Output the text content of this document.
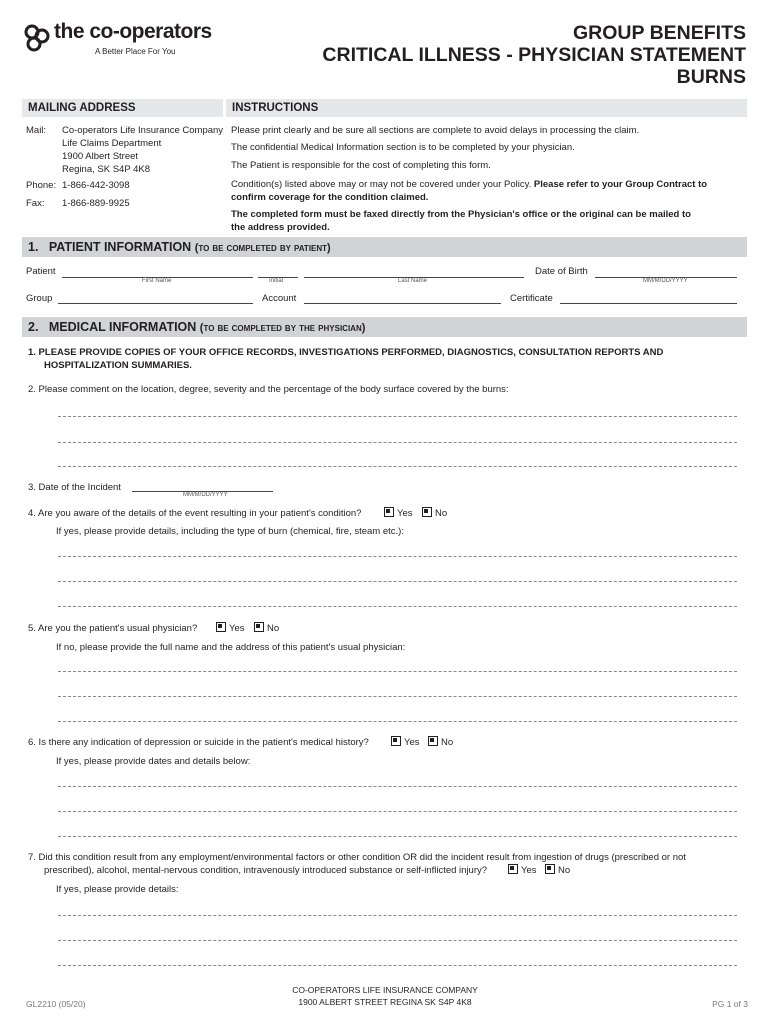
the co-operators
A Better Place For You
GROUP BENEFITS
CRITICAL ILLNESS - PHYSICIAN STATEMENT
BURNS
MAILING ADDRESS	INSTRUCTIONS
Mail: Co-operators Life Insurance Company
Life Claims Department
1900 Albert Street
Regina, SK S4P 4K8
Phone: 1-866-442-3098
Fax: 1-866-889-9925
Please print clearly and be sure all sections are complete to avoid delays in processing the claim.
The confidential Medical Information section is to be completed by your physician.
The Patient is responsible for the cost of completing this form.
Condition(s) listed above may or may not be covered under your Policy. Please refer to your Group Contract to confirm coverage for the condition claimed.
The completed form must be faxed directly from the Physician's office or the original can be mailed to the address provided.
1. PATIENT INFORMATION (to be completed by patient)
Patient
First Name	Initial	Last Name
Date of Birth
MM/M/DD/YYYY
Group	Account	Certificate
2. MEDICAL INFORMATION (to be completed by the physician)
1. PLEASE PROVIDE COPIES OF YOUR OFFICE RECORDS, INVESTIGATIONS PERFORMED, DIAGNOSTICS, CONSULTATION REPORTS AND
HOSPITALIZATION SUMMARIES.
2. Please comment on the location, degree, severity and the percentage of the body surface covered by the burns:
3. Date of the Incident
MM/M/DD/YYYY
4. Are you aware of the details of the event resulting in your patient's condition?	Yes	No
If yes, please provide details, including the type of burn (chemical, fire, steam etc.):
5. Are you the patient's usual physician?	Yes	No
If no, please provide the full name and the address of this patient's usual physician:
6. Is there any indication of depression or suicide in the patient's medical history?	Yes	No
If yes, please provide dates and details below:
7. Did this condition result from any employment/environmental factors or other condition OR did the incident result from ingestion of drugs (prescribed or not
prescribed), alcohol, mental-nervous condition, intravenously introduced substance or self-inflicted injury?	Yes	No
If yes, please provide details:
GL2210 (05/20)
CO-OPERATORS LIFE INSURANCE COMPANY
1900 ALBERT STREET REGINA SK S4P 4K8	PG 1 of 3
